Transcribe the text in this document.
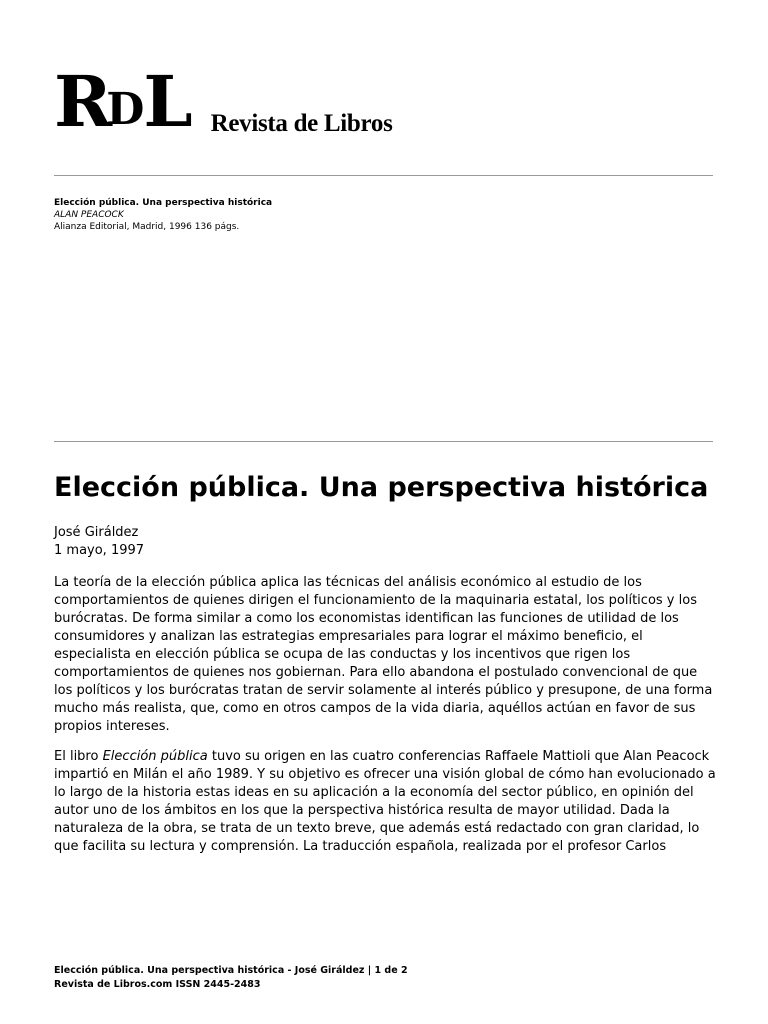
R D L Revista de Libros
Elección pública. Una perspectiva histórica
ALAN PEACOCK
Alianza Editorial, Madrid, 1996 136 págs.
Elección pública. Una perspectiva histórica
José Giráldez
1 mayo, 1997

La teoría de la elección pública aplica las técnicas del análisis económico al estudio de los comportamientos de quienes dirigen el funcionamiento de la maquinaria estatal, los políticos y los burócratas. De forma similar a como los economistas identifican las funciones de utilidad de los consumidores y analizan las estrategias empresariales para lograr el máximo beneficio, el especialista en elección pública se ocupa de las conductas y los incentivos que rigen los comportamientos de quienes nos gobiernan. Para ello abandona el postulado convencional de que los políticos y los burócratas tratan de servir solamente al interés público y presupone, de una forma mucho más realista, que, como en otros campos de la vida diaria, aquéllos actúan en favor de sus propios intereses.

El libro Elección pública tuvo su origen en las cuatro conferencias Raffaele Mattioli que Alan Peacock impartió en Milán el año 1989. Y su objetivo es ofrecer una visión global de cómo han evolucionado a lo largo de la historia estas ideas en su aplicación a la economía del sector público, en opinión del autor uno de los ámbitos en los que la perspectiva histórica resulta de mayor utilidad. Dada la naturaleza de la obra, se trata de un texto breve, que además está redactado con gran claridad, lo que facilita su lectura y comprensión. La traducción española, realizada por el profesor Carlos

Elección pública. Una perspectiva histórica - José Giráldez | 1 de 2
Revista de Libros.com ISSN 2445-2483
